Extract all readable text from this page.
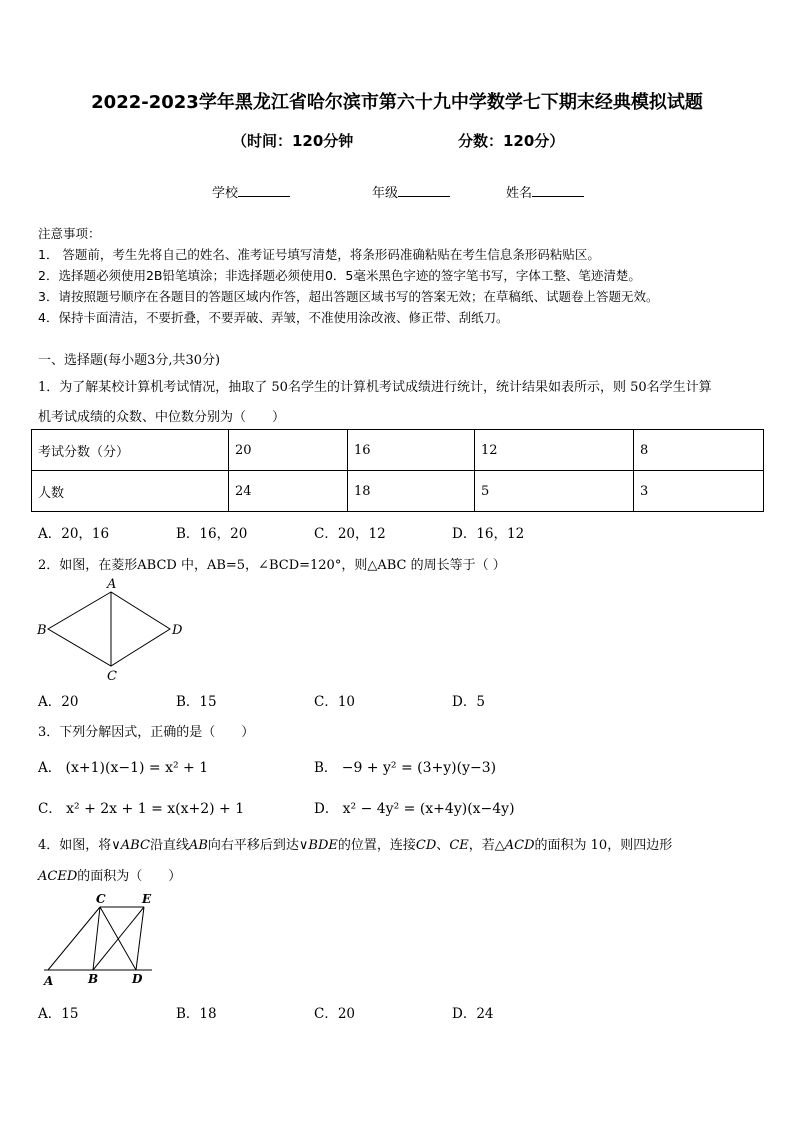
2022-2023学年黑龙江省哈尔滨市第六十九中学数学七下期末经典模拟试题
（时间：120分钟	分数：120分）
学校	年级	姓名
注意事项：
1． 答题前，考生先将自己的姓名、准考证号填写清楚，将条形码准确粘贴在考生信息条形码粘贴区。
2．选择题必须使用2B铅笔填涂；非选择题必须使用0．5毫米黑色字迹的签字笔书写，字体工整、笔迹清楚。
3．请按照题号顺序在各题目的答题区域内作答，超出答题区域书写的答案无效；在草稿纸、试题卷上答题无效。
4．保持卡面清洁，不要折叠，不要弄破、弄皱，不准使用涂改液、修正带、刮纸刀。
一、选择题(每小题3分,共30分)
1．为了解某校计算机考试情况，抽取了 50名学生的计算机考试成绩进行统计，统计结果如表所示，则 50名学生计算
机考试成绩的众数、中位数分别为（　　）
考试分数（分）	20	16	12	8
人数	24	18	5	3
A．20，16	B．16，20	C．20，12	D．16，12
2．如图，在菱形ABCD 中，AB=5，∠BCD=120°，则△ABC 的周长等于（ ）
A
B
C
D
A．20	B．15	C．10	D．5
3．下列分解因式，正确的是（　　）
A． (x+1)(x−1) = x² + 1	B． −9 + y² = (3+y)(y−3)
C． x² + 2x + 1 = x(x+2) + 1	D． x² − 4y² = (x+4y)(x−4y)
4．如图，将∨ABC沿直线AB向右平移后到达∨BDE的位置，连接CD、CE，若△ACD的面积为 10，则四边形
ACED的面积为（　　）
C	E
A	B	D
A．15	B．18	C．20	D．24
